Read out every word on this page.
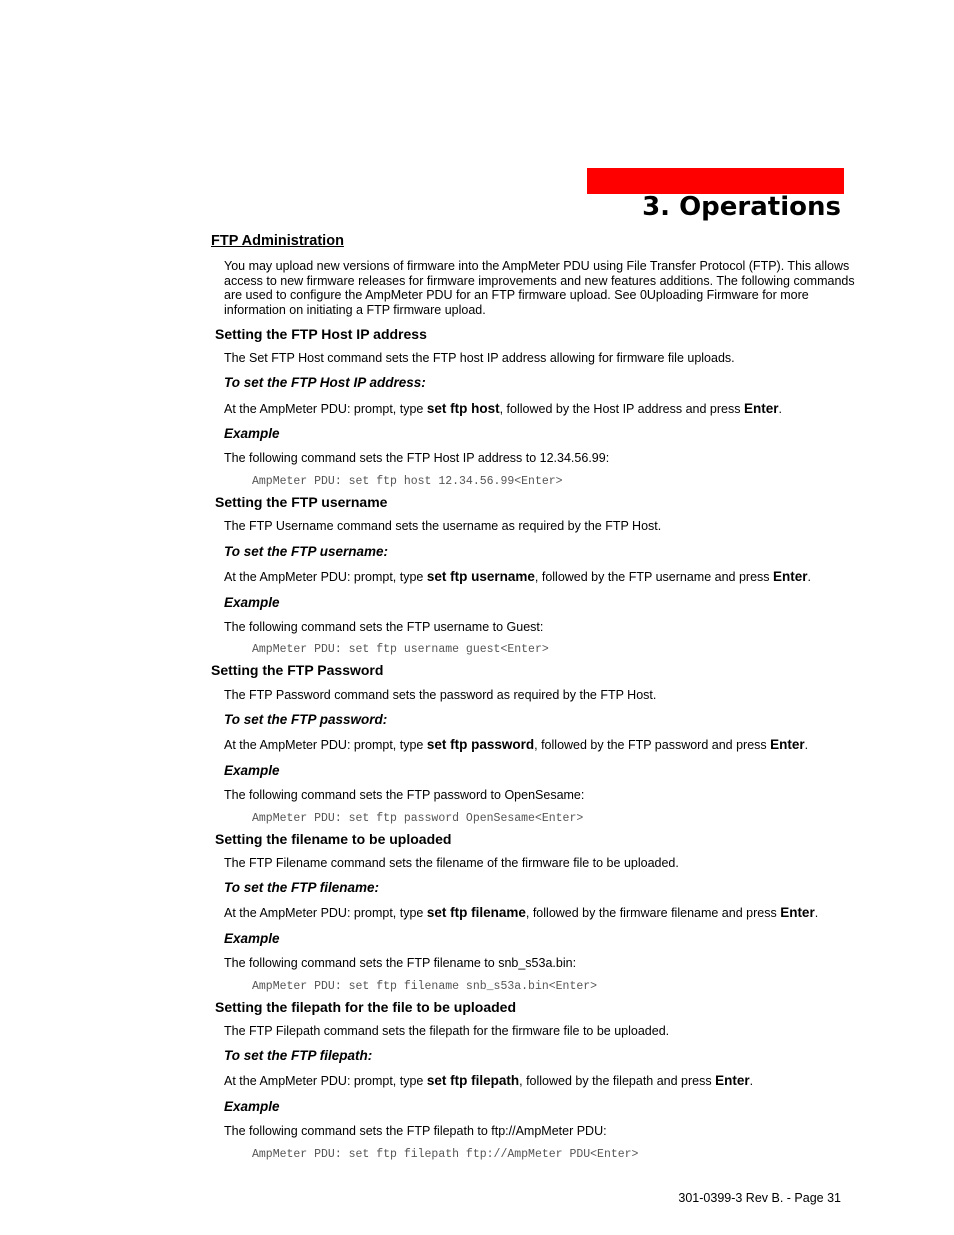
3. Operations
FTP Administration
You may upload new versions of firmware into the AmpMeter PDU using File Transfer Protocol (FTP). This allows access to new firmware releases for firmware improvements and new features additions. The following commands are used to configure the AmpMeter PDU for an FTP firmware upload. See 0Uploading Firmware for more information on initiating a FTP firmware upload.
Setting the FTP Host IP address
The Set FTP Host command sets the FTP host IP address allowing for firmware file uploads.
To set the FTP Host IP address:
At the AmpMeter PDU: prompt, type set ftp host, followed by the Host IP address and press Enter.
Example
The following command sets the FTP Host IP address to 12.34.56.99:
AmpMeter PDU: set ftp host 12.34.56.99<Enter>
Setting the FTP username
The FTP Username command sets the username as required by the FTP Host.
To set the FTP username:
At the AmpMeter PDU: prompt, type set ftp username, followed by the FTP username and press Enter.
Example
The following command sets the FTP username to Guest:
AmpMeter PDU: set ftp username guest<Enter>
Setting the FTP Password
The FTP Password command sets the password as required by the FTP Host.
To set the FTP password:
At the AmpMeter PDU: prompt, type set ftp password, followed by the FTP password and press Enter.
Example
The following command sets the FTP password to OpenSesame:
AmpMeter PDU: set ftp password OpenSesame<Enter>
Setting the filename to be uploaded
The FTP Filename command sets the filename of the firmware file to be uploaded.
To set the FTP filename:
At the AmpMeter PDU: prompt, type set ftp filename, followed by the firmware filename and press Enter.
Example
The following command sets the FTP filename to snb_s53a.bin:
AmpMeter PDU: set ftp filename snb_s53a.bin<Enter>
Setting the filepath for the file to be uploaded
The FTP Filepath command sets the filepath for the firmware file to be uploaded.
To set the FTP filepath:
At the AmpMeter PDU: prompt, type set ftp filepath, followed by the filepath and press Enter.
Example
The following command sets the FTP filepath to ftp://AmpMeter PDU:
AmpMeter PDU: set ftp filepath ftp://AmpMeter PDU<Enter>
301-0399-3 Rev B. - Page 31
